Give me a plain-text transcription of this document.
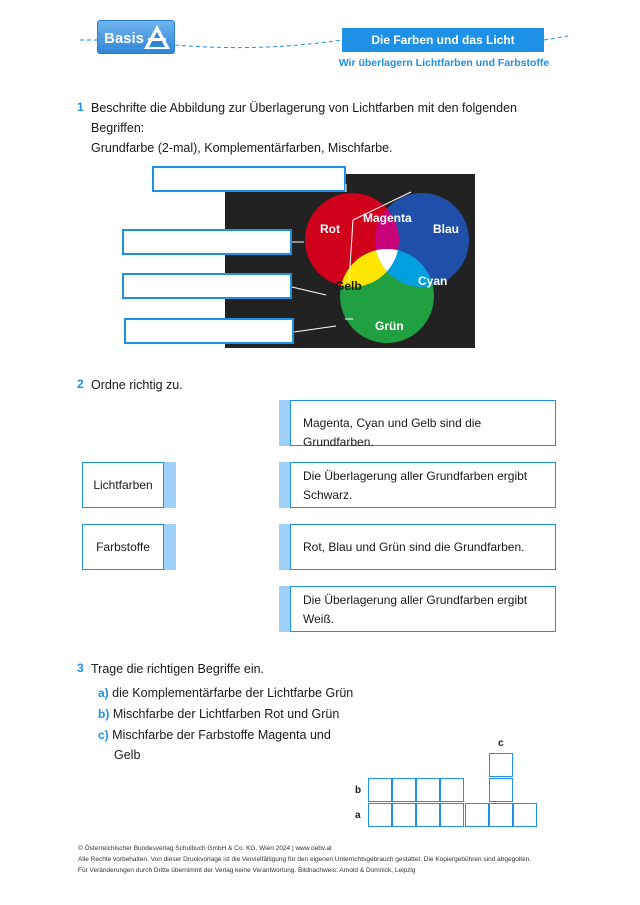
Basis	Die Farben und das Licht
Wir überlagern Lichtfarben und Farbstoffe
1 Beschrifte die Abbildung zur Überlagerung von Lichtfarben mit den folgenden Begriffen:
Grundfarbe (2-mal), Komplementärfarben, Mischfarbe.
Rot
Magenta
Blau
Gelb	Cyan
Grün
2 Ordne richtig zu.
Lichtfarben
Farbstoffe
Magenta, Cyan und Gelb sind die Grundfarben.
Die Überlagerung aller Grundfarben ergibt
Schwarz.
Rot, Blau und Grün sind die Grundfarben.
Die Überlagerung aller Grundfarben ergibt
Weiß.
3 Trage die richtigen Begriffe ein.
a) die Komplementärfarbe der Lichtfarbe Grün
b) Mischfarbe der Lichtfarben Rot und Grün
c) Mischfarbe der Farbstoffe Magenta und
Gelb
c
b
a
© Österreichischer Bundesverlag Schulbuch GmbH & Co. KG, Wien 2024 | www.oebv.at
Alle Rechte vorbehalten. Von dieser Druckvorlage ist die Vervielfältigung für den eigenen Unterrichtsgebrauch gestattet. Die Kopiergebühren sind abgegolten.
Für Veränderungen durch Dritte übernimmt der Verlag keine Verantwortung. Bildnachweis: Arnold & Domnick, Leipzig
